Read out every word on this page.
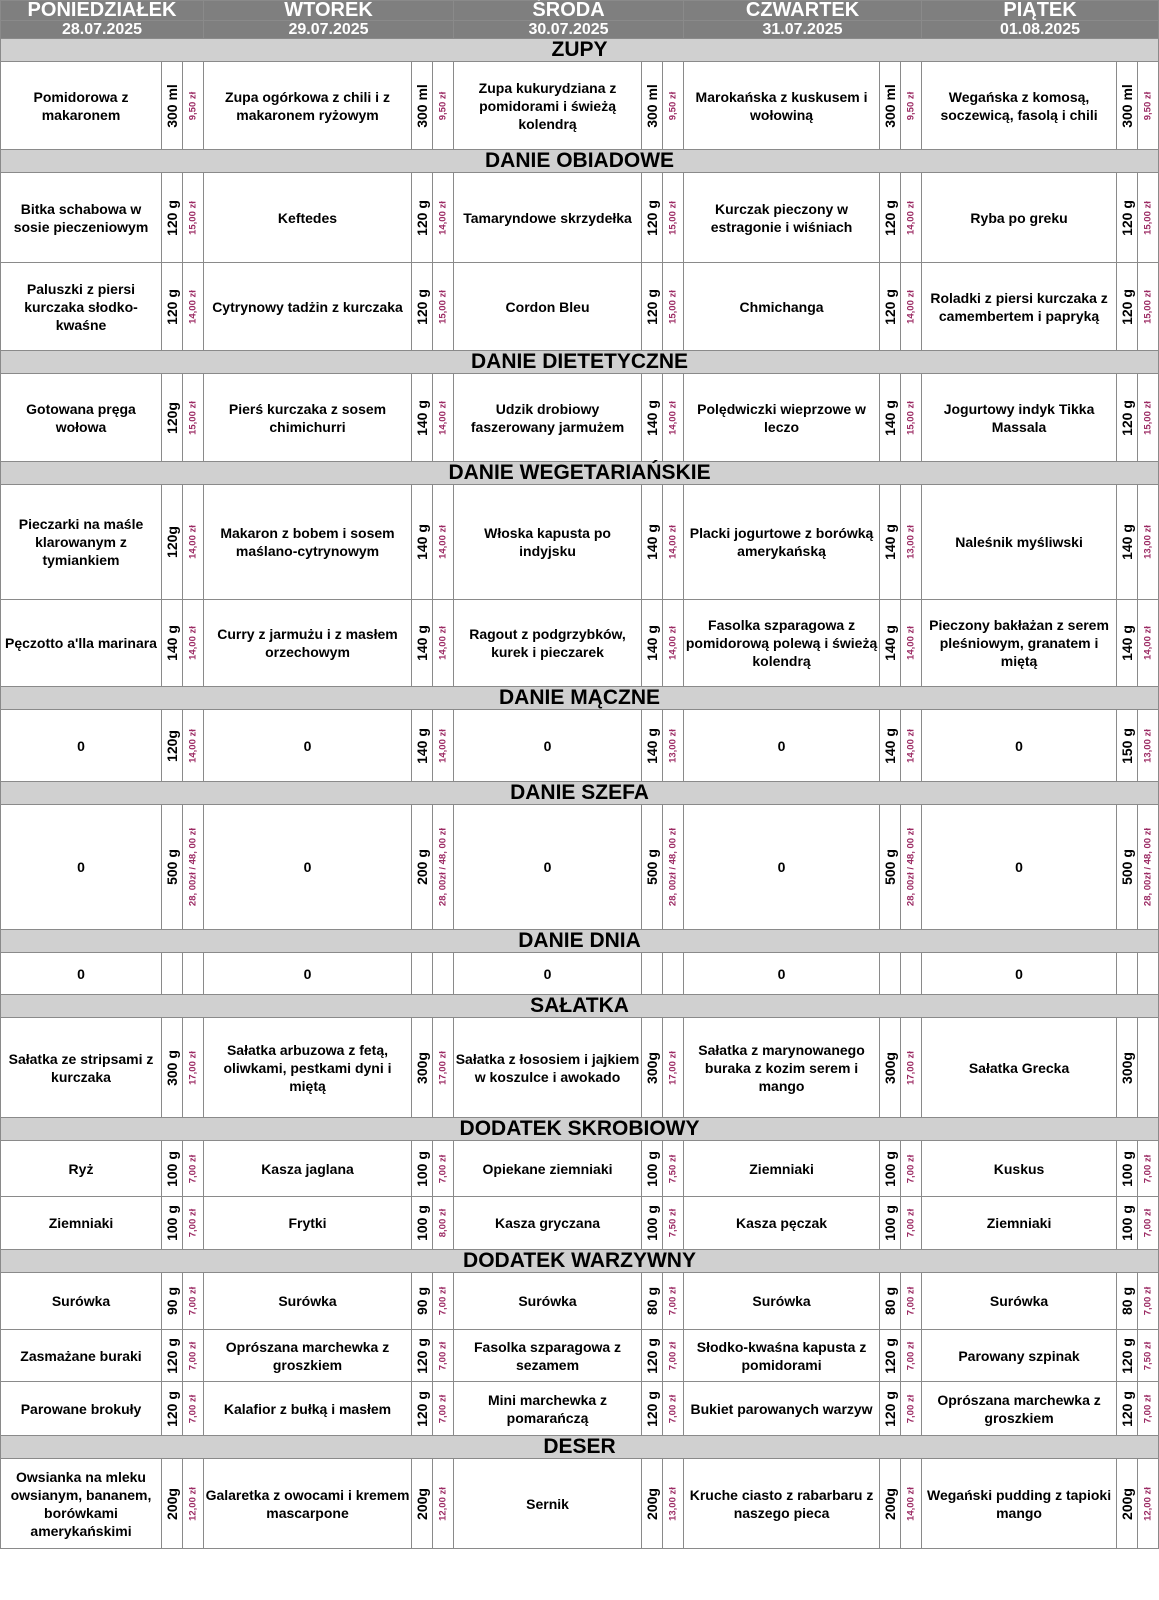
PONIEDZIAŁEK			WTOREK			ŚRODA			CZWARTEK			PIĄTEK		
28.07.2025			29.07.2025			30.07.2025			31.07.2025			01.08.2025		
ZUPY														
Pomidorowa z makaronem	300 ml	9,50 zł	Zupa ogórkowa z chili i z makaronem ryżowym	300 ml	9,50 zł	Zupa kukurydziana z pomidorami i świeżą kolendrą	300 ml	9,50 zł	Marokańska z kuskusem i wołowiną	300 ml	9,50 zł	Wegańska z komosą, soczewicą, fasolą i chili	300 ml	9,50 zł

DANIE OBIADOWE														
Bitka schabowa w sosie pieczeniowym	120 g	15,00 zł	Keftedes	120 g	14,00 zł	Tamaryndowe skrzydełka	120 g	15,00 zł	Kurczak pieczony w estragonie i wiśniach	120 g	14,00 zł	Ryba po greku	120 g	15,00 zł

Paluszki z piersi kurczaka słodko-kwaśne	120 g	14,00 zł	Cytrynowy tadżin z kurczaka	120 g	15,00 zł	Cordon Bleu	120 g	15,00 zł	Chmichanga	120 g	14,00 zł	Roladki z piersi kurczaka z camembertem i papryką	120 g	15,00 zł

DANIE DIETETYCZNE														
Gotowana pręga wołowa	120g	15,00 zł	Pierś kurczaka z sosem chimichurri	140 g	14,00 zł	Udzik drobiowy faszerowany jarmużem	140 g	14,00 zł	Polędwiczki wieprzowe w leczo	140 g	15,00 zł	Jogurtowy indyk Tikka Massala	120 g	15,00 zł

DANIE WEGETARIAŃSKIE														
Pieczarki na maśle klarowanym z tymiankiem	120g	14,00 zł	Makaron z bobem i sosem maślano-cytrynowym	140 g	14,00 zł	Włoska kapusta po indyjsku	140 g	14,00 zł	Placki jogurtowe z borówką amerykańską	140 g	13,00 zł	Naleśnik myśliwski	140 g	13,00 zł

Pęczotto a'lla marinara	140 g	14,00 zł	Curry z jarmużu i z masłem orzechowym	140 g	14,00 zł	Ragout z podgrzybków, kurek i pieczarek	140 g	14,00 zł	Fasolka szparagowa z pomidorową polewą i świeżą kolendrą	140 g	14,00 zł	Pieczony bakłażan z serem pleśniowym, granatem i miętą	140 g	14,00 zł

DANIE MĄCZNE														
0	120g	14,00 zł	0	140 g	14,00 zł	0	140 g	13,00 zł	0	140 g	14,00 zł	0	150 g	13,00 zł

DANIE SZEFA														
0	500 g	28, 00zł / 48, 00 zł	0	200 g	28, 00zł / 48, 00 zł	0	500 g	28, 00zł / 48, 00 zł	0	500 g	28, 00zł / 48, 00 zł	0	500 g	28, 00zł / 48, 00 zł

DANIE DNIA														
0			0			0			0			0	

SAŁATKA														
Sałatka ze stripsami z kurczaka	300 g	17,00 zł	Sałatka arbuzowa z fetą, oliwkami, pestkami dyni i miętą	300g	17,00 zł	Sałatka z łososiem i jajkiem w koszulce i awokado	300g	17,00 zł	Sałatka z marynowanego buraka z kozim serem i mango	300g	17,00 zł	Sałatka Grecka	300g	

DODATEK SKROBIOWY														
Ryż	100 g	7,00 zł	Kasza jaglana	100 g	7,00 zł	Opiekane ziemniaki	100 g	7,50 zł	Ziemniaki	100 g	7,00 zł	Kuskus	100 g	7,00 zł

Ziemniaki	100 g	7,00 zł	Frytki	100 g	8,00 zł	Kasza gryczana	100 g	7,50 zł	Kasza pęczak	100 g	7,00 zł	Ziemniaki	100 g	7,00 zł

DODATEK WARZYWNY														
Surówka	90 g	7,00 zł	Surówka	90 g	7,00 zł	Surówka	80 g	7,00 zł	Surówka	80 g	7,00 zł	Surówka	80 g	7,00 zł

Zasmażane buraki	120 g	7,00 zł	Oprószana marchewka z groszkiem	120 g	7,00 zł	Fasolka szparagowa z sezamem	120 g	7,00 zł	Słodko-kwaśna kapusta z pomidorami	120 g	7,00 zł	Parowany szpinak	120 g	7,50 zł

Parowane brokuły	120 g	7,00 zł	Kalafior z bułką i masłem	120 g	7,00 zł	Mini marchewka z pomarańczą	120 g	7,00 zł	Bukiet parowanych warzyw	120 g	7,00 zł	Oprószana marchewka z groszkiem	120 g	7,00 zł

DESER														
Owsianka na mleku owsianym, bananem, borówkami amerykańskimi	200g	12,00 zł	Galaretka z owocami i kremem mascarpone	200g	12,00 zł	Sernik	200g	13,00 zł	Kruche ciasto z rabarbaru z naszego pieca	200g	14,00 zł	Wegański pudding z tapioki mango	200g	12,00 zł
